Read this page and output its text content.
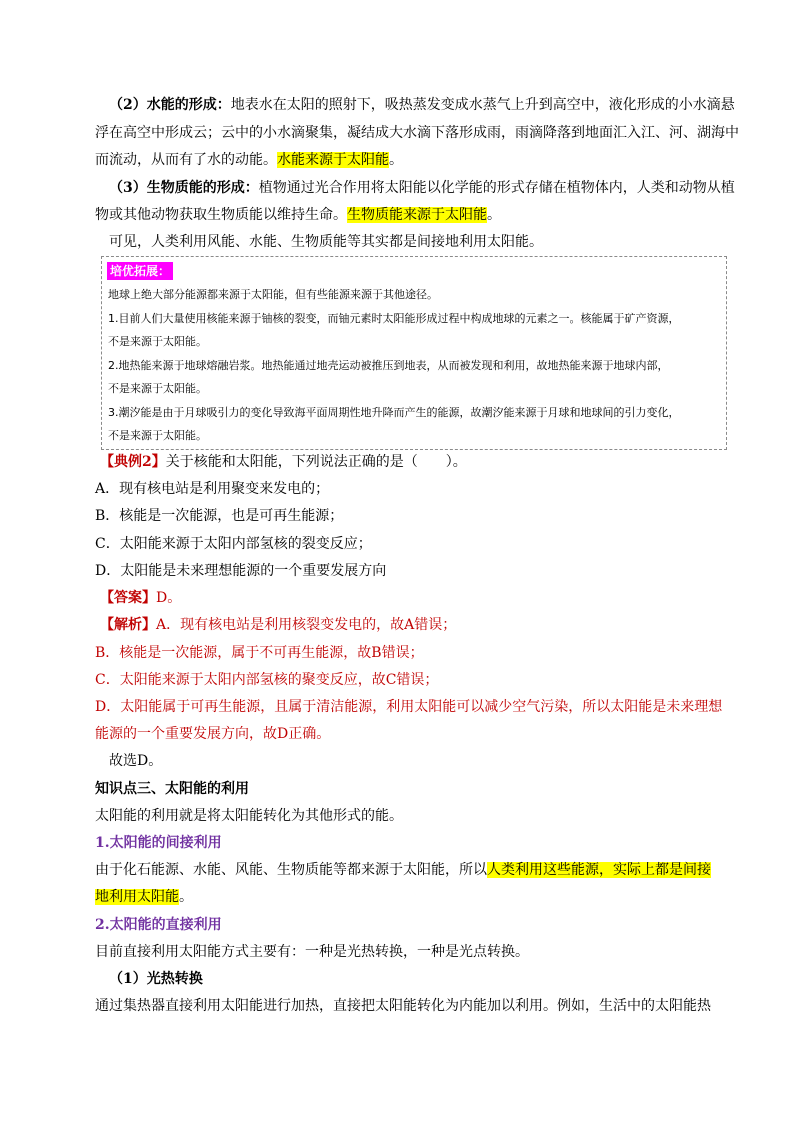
（2）水能的形成：地表水在太阳的照射下，吸热蒸发变成水蒸气上升到高空中，液化形成的小水滴悬
浮在高空中形成云；云中的小水滴聚集，凝结成大水滴下落形成雨，雨滴降落到地面汇入江、河、湖海中
而流动，从而有了水的动能。水能来源于太阳能。
（3）生物质能的形成：植物通过光合作用将太阳能以化学能的形式存储在植物体内，人类和动物从植
物或其他动物获取生物质能以维持生命。生物质能来源于太阳能。
可见，人类利用风能、水能、生物质能等其实都是间接地利用太阳能。
培优拓展：
地球上绝大部分能源都来源于太阳能，但有些能源来源于其他途径。
1.目前人们大量使用核能来源于铀核的裂变，而铀元素时太阳能形成过程中构成地球的元素之一。核能属于矿产资源，
不是来源于太阳能。
2.地热能来源于地球熔融岩浆。地热能通过地壳运动被推压到地表，从而被发现和利用，故地热能来源于地球内部，
不是来源于太阳能。
3.潮汐能是由于月球吸引力的变化导致海平面周期性地升降而产生的能源，故潮汐能来源于月球和地球间的引力变化，
不是来源于太阳能。
【典例2】关于核能和太阳能，下列说法正确的是（　　）。
A．现有核电站是利用聚变来发电的；
B．核能是一次能源，也是可再生能源；
C．太阳能来源于太阳内部氢核的裂变反应；
D．太阳能是未来理想能源的一个重要发展方向
【答案】D。
【解析】A．现有核电站是利用核裂变发电的，故A错误；
B．核能是一次能源，属于不可再生能源，故B错误；
C．太阳能来源于太阳内部氢核的聚变反应，故C错误；
D．太阳能属于可再生能源，且属于清洁能源，利用太阳能可以减少空气污染，所以太阳能是未来理想
能源的一个重要发展方向，故D正确。
故选D。
知识点三、太阳能的利用
太阳能的利用就是将太阳能转化为其他形式的能。
1.太阳能的间接利用
由于化石能源、水能、风能、生物质能等都来源于太阳能，所以人类利用这些能源，实际上都是间接
地利用太阳能。
2.太阳能的直接利用
目前直接利用太阳能方式主要有：一种是光热转换，一种是光点转换。
（1）光热转换
通过集热器直接利用太阳能进行加热，直接把太阳能转化为内能加以利用。例如，生活中的太阳能热
